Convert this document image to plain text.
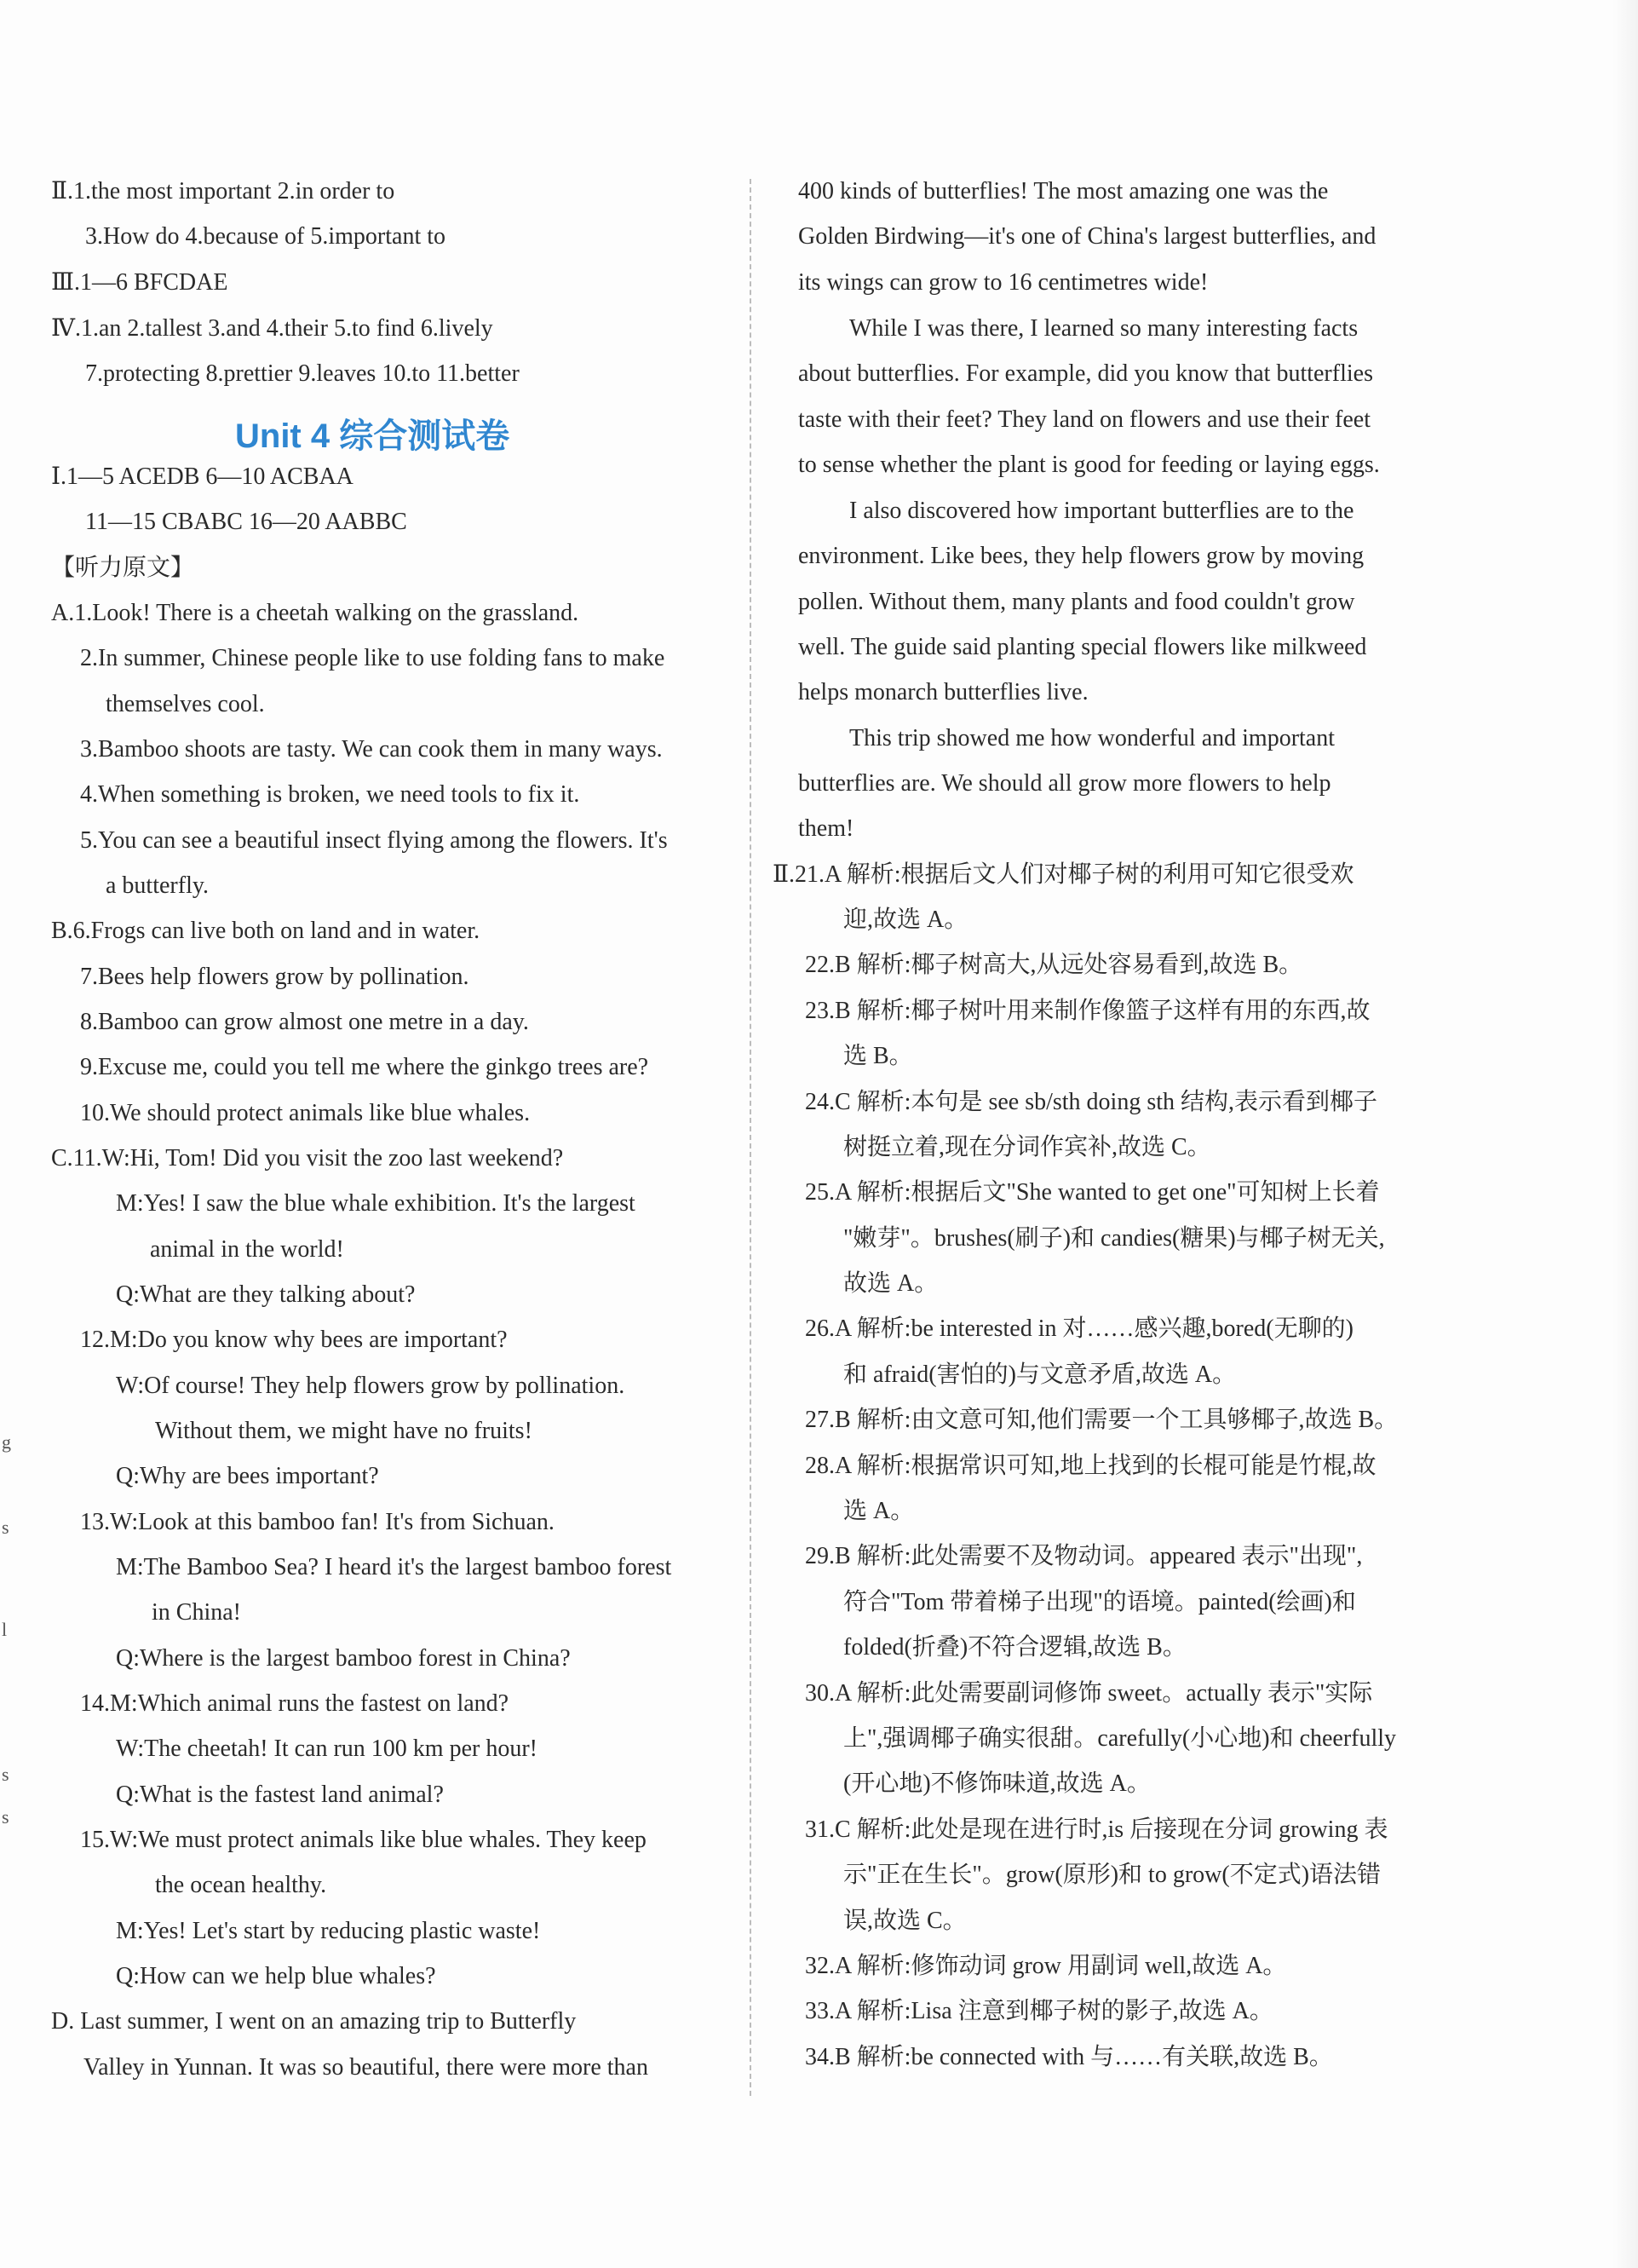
s
l
g
s
s
Ⅱ.1.the most important 2.in order to
3.How do 4.because of 5.important to
Ⅲ.1—6 BFCDAE
Ⅳ.1.an 2.tallest 3.and 4.their 5.to find 6.lively
7.protecting 8.prettier 9.leaves 10.to 11.better
Ⅰ.1—5 ACEDB 6—10 ACBAA
11—15 CBABC 16—20 AABBC
【听力原文】
A.1.Look! There is a cheetah walking on the grassland.
2.In summer, Chinese people like to use folding fans to make
themselves cool.
3.Bamboo shoots are tasty. We can cook them in many ways.
4.When something is broken, we need tools to fix it.
5.You can see a beautiful insect flying among the flowers. It's
a butterfly.
B.6.Frogs can live both on land and in water.
7.Bees help flowers grow by pollination.
8.Bamboo can grow almost one metre in a day.
9.Excuse me, could you tell me where the ginkgo trees are?
10.We should protect animals like blue whales.
C.11.W:Hi, Tom! Did you visit the zoo last weekend?
M:Yes! I saw the blue whale exhibition. It's the largest
animal in the world!
Q:What are they talking about?
12.M:Do you know why bees are important?
W:Of course! They help flowers grow by pollination.
Without them, we might have no fruits!
Q:Why are bees important?
13.W:Look at this bamboo fan! It's from Sichuan.
M:The Bamboo Sea? I heard it's the largest bamboo forest
in China!
Q:Where is the largest bamboo forest in China?
14.M:Which animal runs the fastest on land?
W:The cheetah! It can run 100 km per hour!
Q:What is the fastest land animal?
15.W:We must protect animals like blue whales. They keep
the ocean healthy.
M:Yes! Let's start by reducing plastic waste!
Q:How can we help blue whales?
D. Last summer, I went on an amazing trip to Butterfly
Valley in Yunnan. It was so beautiful, there were more than
Unit 4 综合测试卷
400 kinds of butterflies! The most amazing one was the
Golden Birdwing—it's one of China's largest butterflies, and
its wings can grow to 16 centimetres wide!
While I was there, I learned so many interesting facts
about butterflies. For example, did you know that butterflies
taste with their feet? They land on flowers and use their feet
to sense whether the plant is good for feeding or laying eggs.
I also discovered how important butterflies are to the
environment. Like bees, they help flowers grow by moving
pollen. Without them, many plants and food couldn't grow
well. The guide said planting special flowers like milkweed
helps monarch butterflies live.
This trip showed me how wonderful and important
butterflies are. We should all grow more flowers to help
them!
Ⅱ.21.A 解析:根据后文人们对椰子树的利用可知它很受欢
迎,故选 A。
22.B 解析:椰子树高大,从远处容易看到,故选 B。
23.B 解析:椰子树叶用来制作像篮子这样有用的东西,故
选 B。
24.C 解析:本句是 see sb/sth doing sth 结构,表示看到椰子
树挺立着,现在分词作宾补,故选 C。
25.A 解析:根据后文"She wanted to get one"可知树上长着
"嫩芽"。brushes(刷子)和 candies(糖果)与椰子树无关,
故选 A。
26.A 解析:be interested in 对……感兴趣,bored(无聊的)
和 afraid(害怕的)与文意矛盾,故选 A。
27.B 解析:由文意可知,他们需要一个工具够椰子,故选 B。
28.A 解析:根据常识可知,地上找到的长棍可能是竹棍,故
选 A。
29.B 解析:此处需要不及物动词。appeared 表示"出现",
符合"Tom 带着梯子出现"的语境。painted(绘画)和
folded(折叠)不符合逻辑,故选 B。
30.A 解析:此处需要副词修饰 sweet。actually 表示"实际
上",强调椰子确实很甜。carefully(小心地)和 cheerfully
(开心地)不修饰味道,故选 A。
31.C 解析:此处是现在进行时,is 后接现在分词 growing 表
示"正在生长"。grow(原形)和 to grow(不定式)语法错
误,故选 C。
32.A 解析:修饰动词 grow 用副词 well,故选 A。
33.A 解析:Lisa 注意到椰子树的影子,故选 A。
34.B 解析:be connected with 与……有关联,故选 B。
